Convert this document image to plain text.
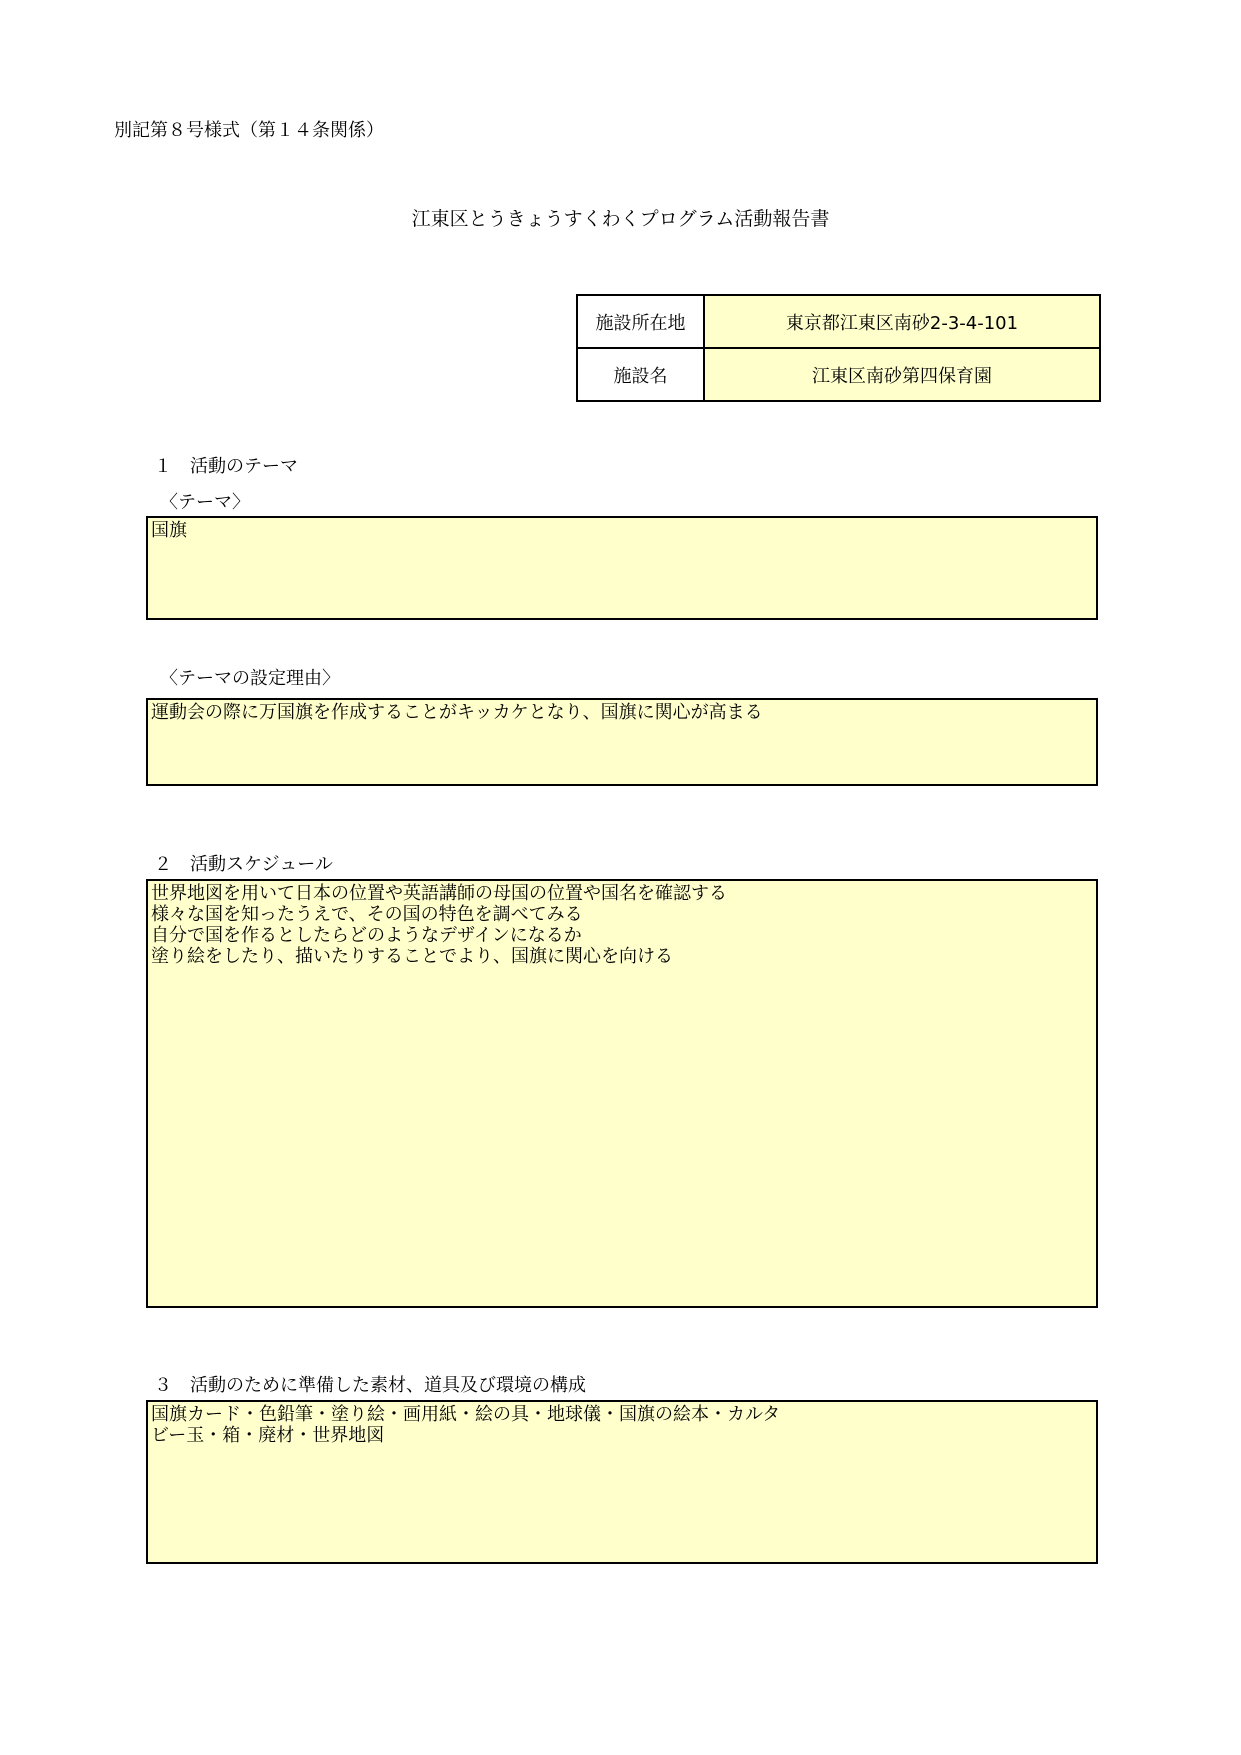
別記第８号様式（第１４条関係）
江東区とうきょうすくわくプログラム活動報告書
施設所在地	東京都江東区南砂2-3-4-101
施設名	江東区南砂第四保育園
１　活動のテーマ
〈テーマ〉
国旗
〈テーマの設定理由〉
運動会の際に万国旗を作成することがキッカケとなり、国旗に関心が高まる
２　活動スケジュール
世界地図を用いて日本の位置や英語講師の母国の位置や国名を確認する
様々な国を知ったうえで、その国の特色を調べてみる
自分で国を作るとしたらどのようなデザインになるか
塗り絵をしたり、描いたりすることでより、国旗に関心を向ける
３　活動のために準備した素材、道具及び環境の構成
国旗カード・色鉛筆・塗り絵・画用紙・絵の具・地球儀・国旗の絵本・カルタ
ビー玉・箱・廃材・世界地図
